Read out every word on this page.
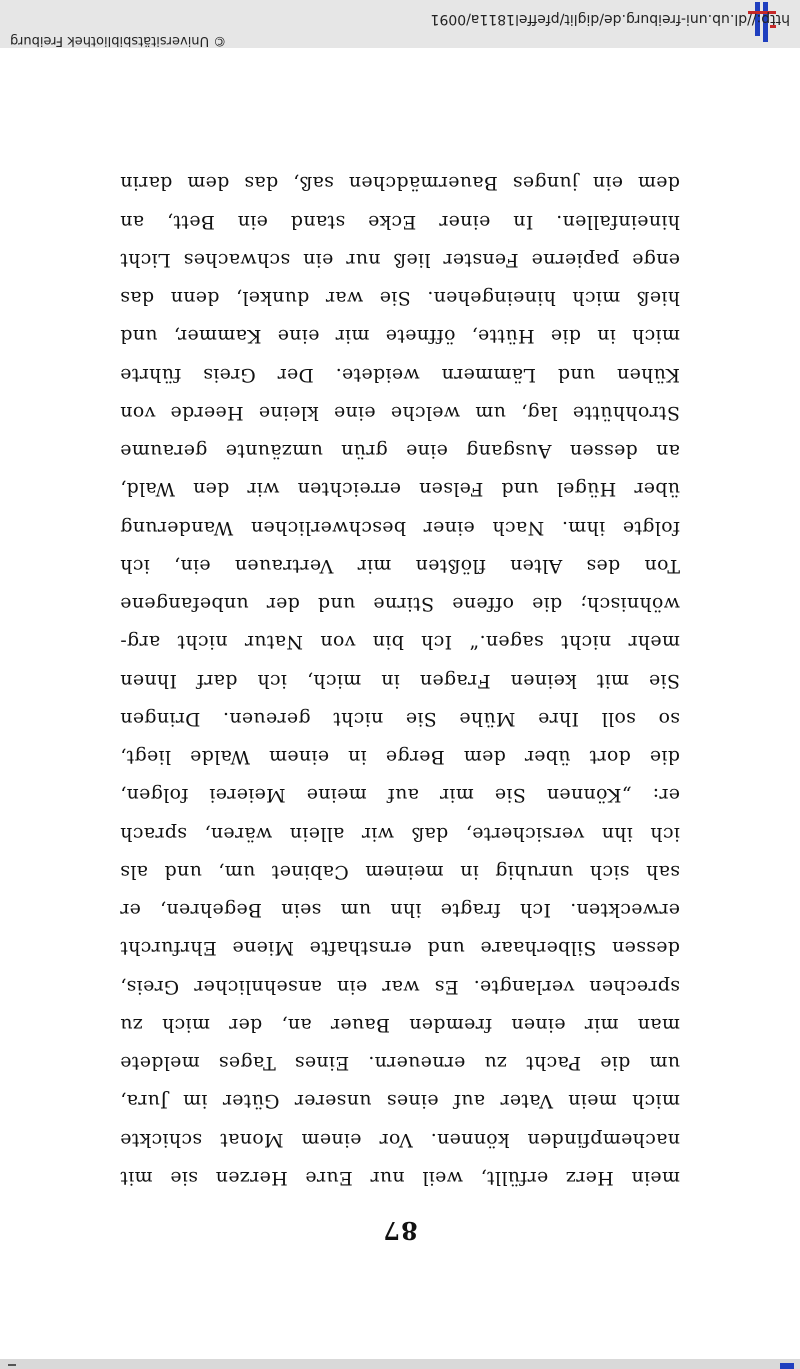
87
mein Herz erfüllt, weil nur Eure Herzen sie mit
nachempfinden können. Vor einem Monat schickte
mich mein Vater auf eines unserer Güter im Jura,
um die Pacht zu erneuern. Eines Tages meldete
man mir einen fremden Bauer an, der mich zu
sprechen verlangte. Es war ein ansehnlicher Greis,
dessen Silberhaare und ernsthafte Miene Ehrfurcht
erweckten. Ich fragte ihn um sein Begehren, er
sah sich unruhig in meinem Cabinet um, und als
ich ihn versicherte, daß wir allein wären, sprach
er: „Können Sie mir auf meine Meierei folgen,
die dort über dem Berge in einem Walde liegt,
so soll Ihre Mühe Sie nicht gereuen. Dringen
Sie mit keinen Fragen in mich, ich darf Ihnen
mehr nicht sagen.“ Ich bin von Natur nicht arg-
wöhnisch; die offene Stirne und der unbefangene
Ton des Alten flößten mir Vertrauen ein, ich
folgte ihm. Nach einer beschwerlichen Wanderung
über Hügel und Felsen erreichten wir den Wald,
an dessen Ausgang eine grün umzäunte geraume
Strohhütte lag, um welche eine kleine Heerde von
Kühen und Lämmern weidete. Der Greis führte
mich in die Hütte, öffnete mir eine Kammer, und
hieß mich hineingehen. Sie war dunkel, denn das
enge papierne Fenster ließ nur ein schwaches Licht
hineinfallen. In einer Ecke stand ein Bett, an
dem ein junges Bauermädchen saß, das dem darin
© Universitätsbibliothek Freiburg
http://dl.ub.uni-freiburg.de/diglit/pfeffel1811a/0091
